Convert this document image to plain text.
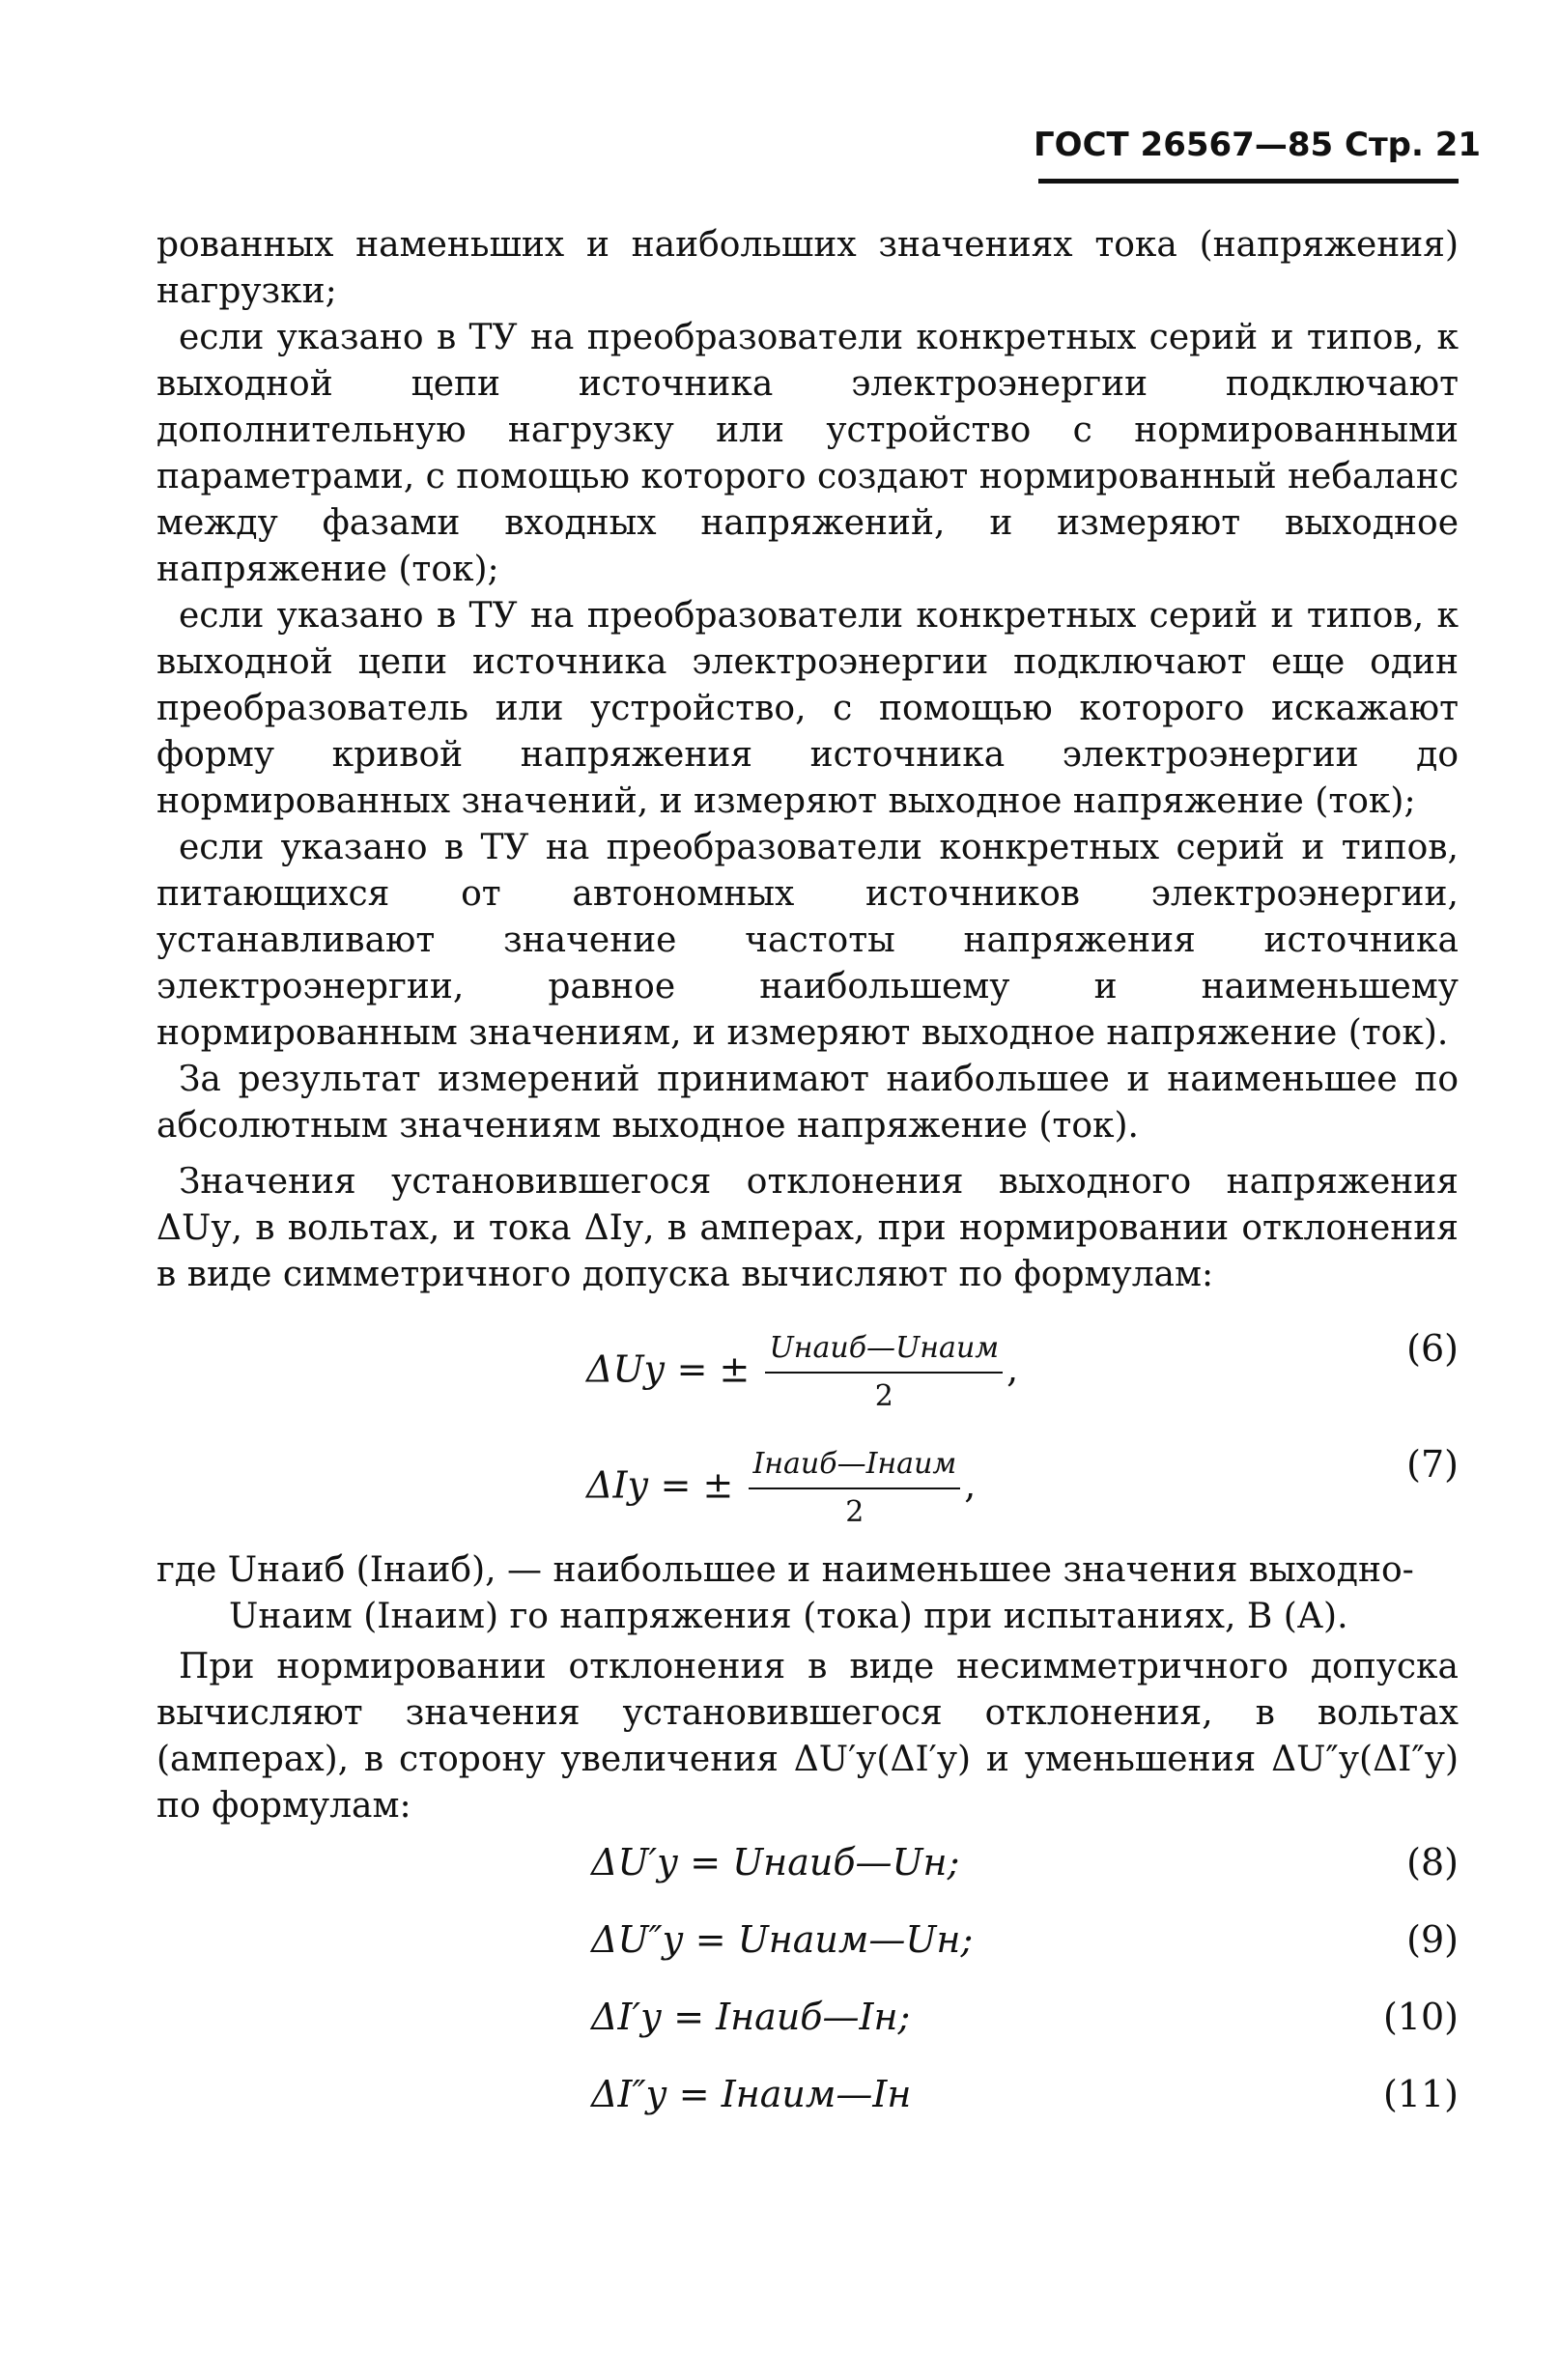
ГОСТ 26567—85 Стр. 21

рованных наменьших и наибольших значениях тока (напряжения) нагрузки;

если указано в ТУ на преобразователи конкретных серий и типов, к выходной цепи источника электроэнергии подключают дополнительную нагрузку или устройство с нормированными параметрами, с помощью которого создают нормированный небаланс между фазами входных напряжений, и измеряют выходное напряжение (ток);

если указано в ТУ на преобразователи конкретных серий и типов, к выходной цепи источника электроэнергии подключают еще один преобразователь или устройство, с помощью которого искажают форму кривой напряжения источника электроэнергии до нормированных значений, и измеряют выходное напряжение (ток);

если указано в ТУ на преобразователи конкретных серий и типов, питающихся от автономных источников электроэнергии, устанавливают значение частоты напряжения источника электроэнергии, равное наибольшему и наименьшему нормированным значениям, и измеряют выходное напряжение (ток).

За результат измерений принимают наибольшее и наименьшее по абсолютным значениям выходное напряжение (ток).

Значения установившегося отклонения выходного напряжения ΔUу, в вольтах, и тока ΔIу, в амперах, при нормировании отклонения в виде симметричного допуска вычисляют по формулам:

ΔUу = ± $\frac{\text{Uнаиб—Uнаим}}{2}$ ,	(6)
ΔIу = ± $\frac{\text{Iнаиб—Iнаим}}{2}$ ,	(7)
где Uнаиб (Iнаиб), — наибольшее и наименьшее значения выходно-
Uнаим (Iнаим) го напряжения (тока) при испытаниях, В (А).

При нормировании отклонения в виде несимметричного допуска вычисляют значения установившегося отклонения, в вольтах (амперах), в сторону увеличения ΔU′у(ΔI′у) и уменьшения ΔU″у(ΔI″у) по формулам:

ΔU′у = Uнаиб—Uн;	(8)
ΔU″у = Uнаим—Uн;	(9)
ΔI′у = Iнаиб—Iн;	(10)
ΔI″у = Iнаим—Iн	(11)
